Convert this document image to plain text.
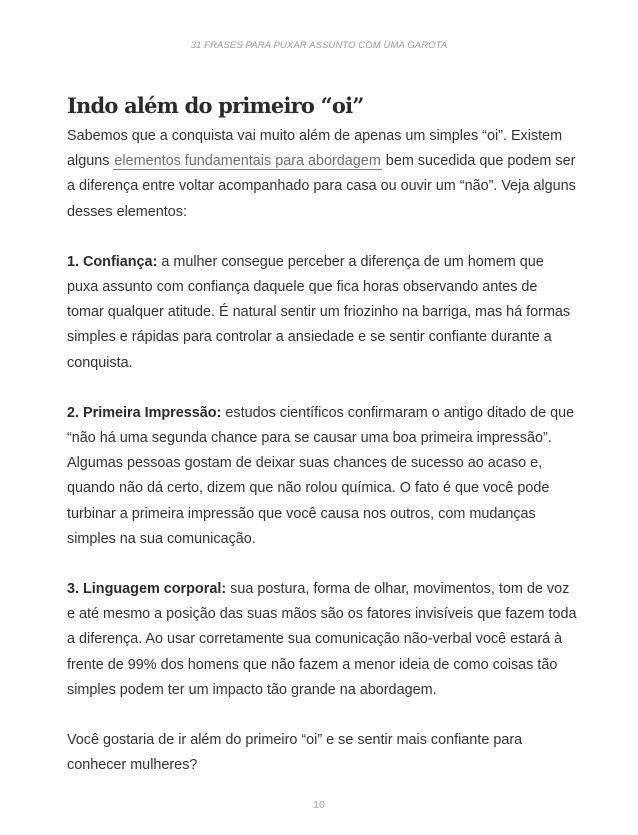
31 FRASES PARA PUXAR ASSUNTO COM UMA GAROTA
Indo além do primeiro “oi”

Sabemos que a conquista vai muito além de apenas um simples “oi”. Existem alguns elementos fundamentais para abordagem bem sucedida que podem ser a diferença entre voltar acompanhado para casa ou ouvir um “não”. Veja alguns desses elementos:

1. Confiança: a mulher consegue perceber a diferença de um homem que puxa assunto com confiança daquele que fica horas observando antes de tomar qualquer atitude. É natural sentir um friozinho na barriga, mas há formas simples e rápidas para controlar a ansiedade e se sentir confiante durante a conquista.

2. Primeira Impressão: estudos científicos confirmaram o antigo ditado de que “não há uma segunda chance para se causar uma boa primeira impressão”. Algumas pessoas gostam de deixar suas chances de sucesso ao acaso e, quando não dá certo, dizem que não rolou química. O fato é que você pode turbinar a primeira impressão que você causa nos outros, com mudanças simples na sua comunicação.

3. Linguagem corporal: sua postura, forma de olhar, movimentos, tom de voz e até mesmo a posição das suas mãos são os fatores invisíveis que fazem toda a diferença. Ao usar corretamente sua comunicação não-verbal você estará à frente de 99% dos homens que não fazem a menor ideia de como coisas tão simples podem ter um impacto tão grande na abordagem.

Você gostaria de ir além do primeiro “oi” e se sentir mais confiante para conhecer mulheres?

10
